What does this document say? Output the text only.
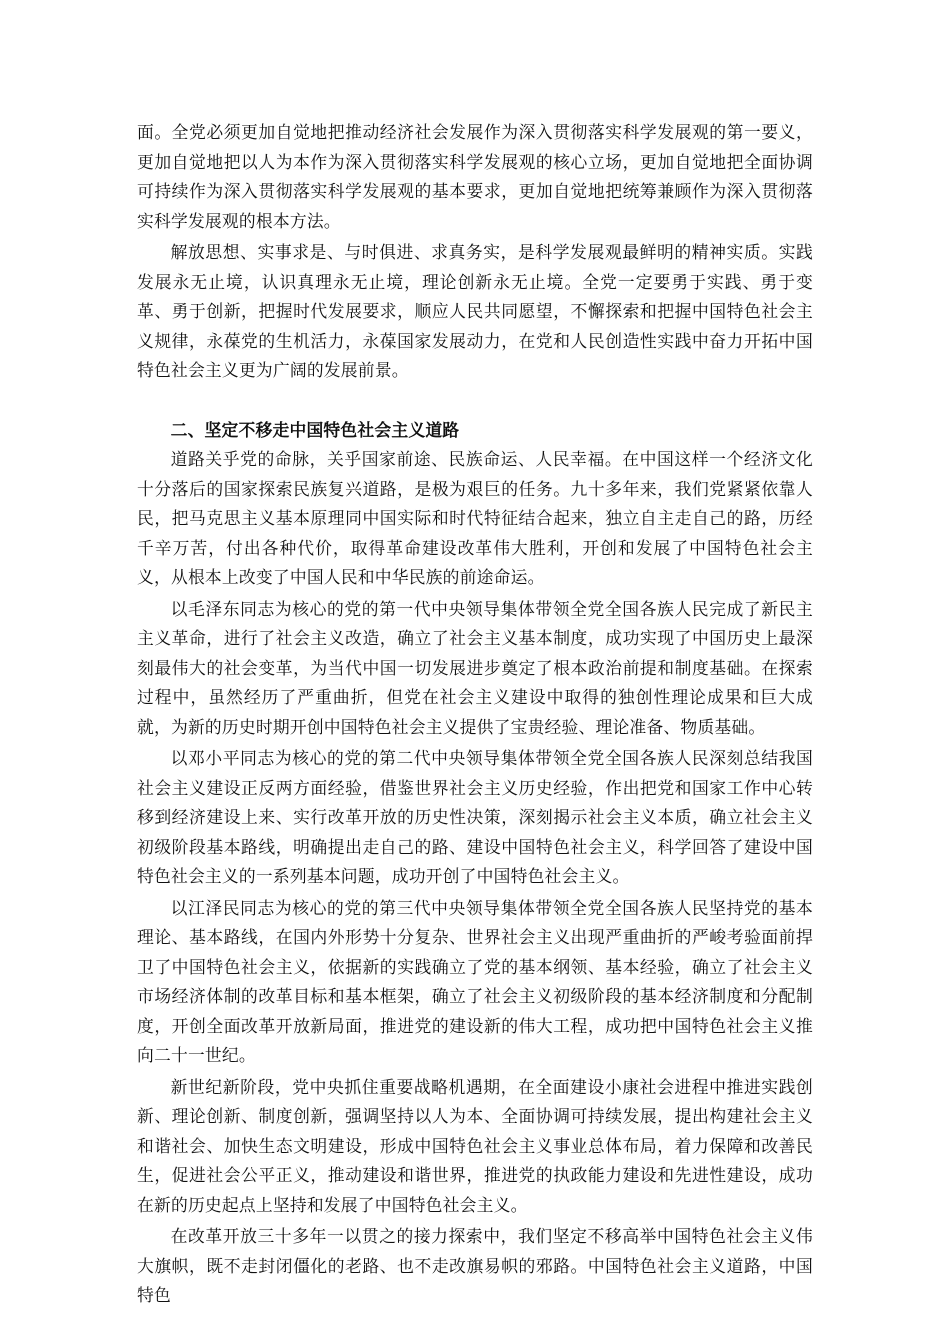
面。全党必须更加自觉地把推动经济社会发展作为深入贯彻落实科学发展观的第一要义，更加自觉地把以人为本作为深入贯彻落实科学发展观的核心立场，更加自觉地把全面协调可持续作为深入贯彻落实科学发展观的基本要求，更加自觉地把统筹兼顾作为深入贯彻落实科学发展观的根本方法。

解放思想、实事求是、与时俱进、求真务实，是科学发展观最鲜明的精神实质。实践发展永无止境，认识真理永无止境，理论创新永无止境。全党一定要勇于实践、勇于变革、勇于创新，把握时代发展要求，顺应人民共同愿望，不懈探索和把握中国特色社会主义规律，永葆党的生机活力，永葆国家发展动力，在党和人民创造性实践中奋力开拓中国特色社会主义更为广阔的发展前景。

二、坚定不移走中国特色社会主义道路

道路关乎党的命脉，关乎国家前途、民族命运、人民幸福。在中国这样一个经济文化十分落后的国家探索民族复兴道路，是极为艰巨的任务。九十多年来，我们党紧紧依靠人民，把马克思主义基本原理同中国实际和时代特征结合起来，独立自主走自己的路，历经千辛万苦，付出各种代价，取得革命建设改革伟大胜利，开创和发展了中国特色社会主义，从根本上改变了中国人民和中华民族的前途命运。

以毛泽东同志为核心的党的第一代中央领导集体带领全党全国各族人民完成了新民主主义革命，进行了社会主义改造，确立了社会主义基本制度，成功实现了中国历史上最深刻最伟大的社会变革，为当代中国一切发展进步奠定了根本政治前提和制度基础。在探索过程中，虽然经历了严重曲折，但党在社会主义建设中取得的独创性理论成果和巨大成就，为新的历史时期开创中国特色社会主义提供了宝贵经验、理论准备、物质基础。

以邓小平同志为核心的党的第二代中央领导集体带领全党全国各族人民深刻总结我国社会主义建设正反两方面经验，借鉴世界社会主义历史经验，作出把党和国家工作中心转移到经济建设上来、实行改革开放的历史性决策，深刻揭示社会主义本质，确立社会主义初级阶段基本路线，明确提出走自己的路、建设中国特色社会主义，科学回答了建设中国特色社会主义的一系列基本问题，成功开创了中国特色社会主义。

以江泽民同志为核心的党的第三代中央领导集体带领全党全国各族人民坚持党的基本理论、基本路线，在国内外形势十分复杂、世界社会主义出现严重曲折的严峻考验面前捍卫了中国特色社会主义，依据新的实践确立了党的基本纲领、基本经验，确立了社会主义市场经济体制的改革目标和基本框架，确立了社会主义初级阶段的基本经济制度和分配制度，开创全面改革开放新局面，推进党的建设新的伟大工程，成功把中国特色社会主义推向二十一世纪。

新世纪新阶段，党中央抓住重要战略机遇期，在全面建设小康社会进程中推进实践创新、理论创新、制度创新，强调坚持以人为本、全面协调可持续发展，提出构建社会主义和谐社会、加快生态文明建设，形成中国特色社会主义事业总体布局，着力保障和改善民生，促进社会公平正义，推动建设和谐世界，推进党的执政能力建设和先进性建设，成功在新的历史起点上坚持和发展了中国特色社会主义。

在改革开放三十多年一以贯之的接力探索中，我们坚定不移高举中国特色社会主义伟大旗帜，既不走封闭僵化的老路、也不走改旗易帜的邪路。中国特色社会主义道路，中国特色
